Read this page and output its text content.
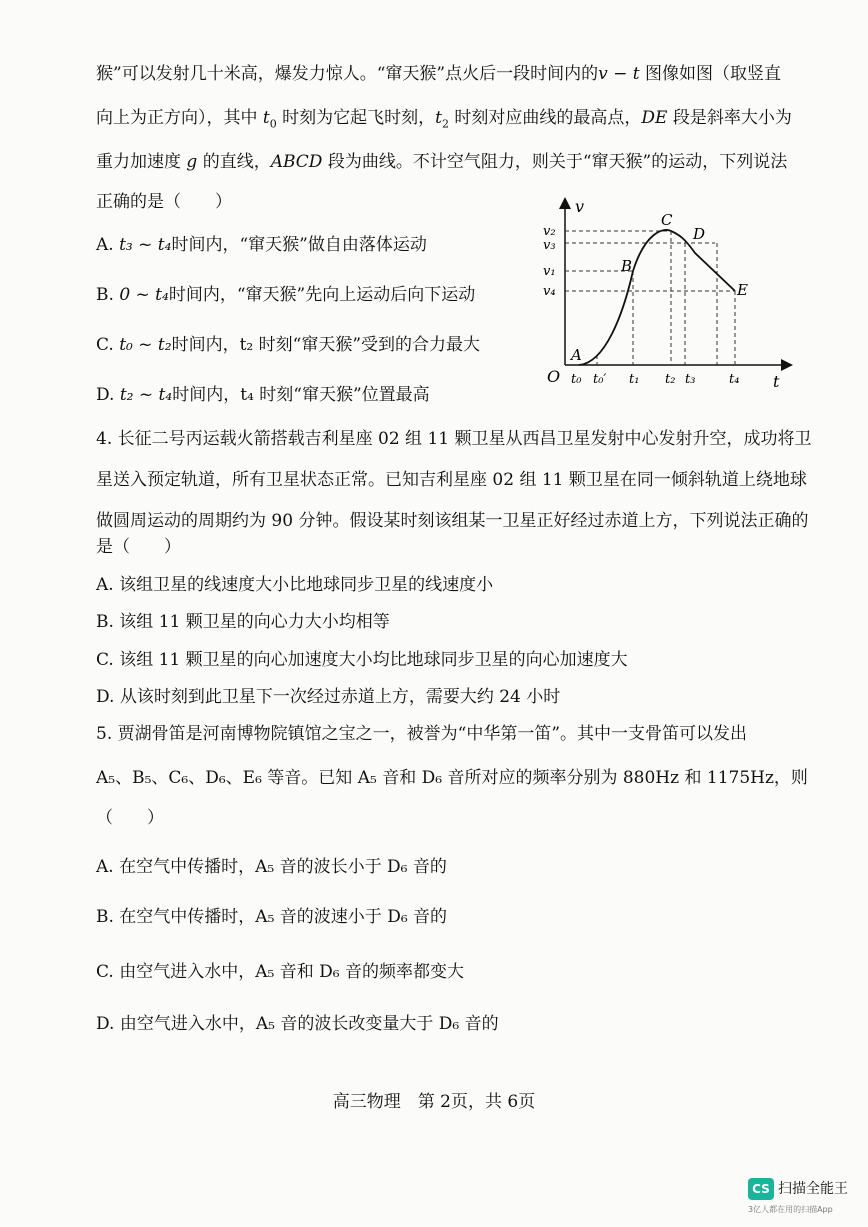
猴”可以发射几十米高，爆发力惊人。“窜天猴”点火后一段时间内的v − t 图像如图（取竖直
向上为正方向），其中 $t_0$ 时刻为它起飞时刻，$t_2$ 时刻对应曲线的最高点，DE 段是斜率大小为
重力加速度 g 的直线，ABCD 段为曲线。不计空气阻力，则关于“窜天猴”的运动，下列说法
正确的是（　　）
A. t₃ ~ t₄时间内，“窜天猴”做自由落体运动
B. 0 ~ t₄时间内，“窜天猴”先向上运动后向下运动
C. t₀ ~ t₂时间内，t₂ 时刻“窜天猴”受到的合力最大
D. t₂ ~ t₄时间内，t₄ 时刻“窜天猴”位置最高
v
t
O
A
B
C
D
E
v₂
v₃
v₁
v₄
t₀ t₀′ t₁ t₂ t₃	t₄
4. 长征二号丙运载火箭搭载吉利星座 02 组 11 颗卫星从西昌卫星发射中心发射升空，成功将卫
星送入预定轨道，所有卫星状态正常。已知吉利星座 02 组 11 颗卫星在同一倾斜轨道上绕地球
做圆周运动的周期约为 90 分钟。假设某时刻该组某一卫星正好经过赤道上方，下列说法正确的
是（　　）
A. 该组卫星的线速度大小比地球同步卫星的线速度小
B. 该组 11 颗卫星的向心力大小均相等
C. 该组 11 颗卫星的向心加速度大小均比地球同步卫星的向心加速度大
D. 从该时刻到此卫星下一次经过赤道上方，需要大约 24 小时
5. 贾湖骨笛是河南博物院镇馆之宝之一，被誉为“中华第一笛”。其中一支骨笛可以发出
A₅、B₅、C₆、D₆、E₆ 等音。已知 A₅ 音和 D₆ 音所对应的频率分别为 880Hz 和 1175Hz，则
（　　）
A. 在空气中传播时，A₅ 音的波长小于 D₆ 音的
B. 在空气中传播时，A₅ 音的波速小于 D₆ 音的
C. 由空气进入水中，A₅ 音和 D₆ 音的频率都变大
D. 由空气进入水中，A₅ 音的波长改变量大于 D₆ 音的
高三物理　第 2页，共 6页
CS 扫描全能王
3亿人都在用的扫描App
